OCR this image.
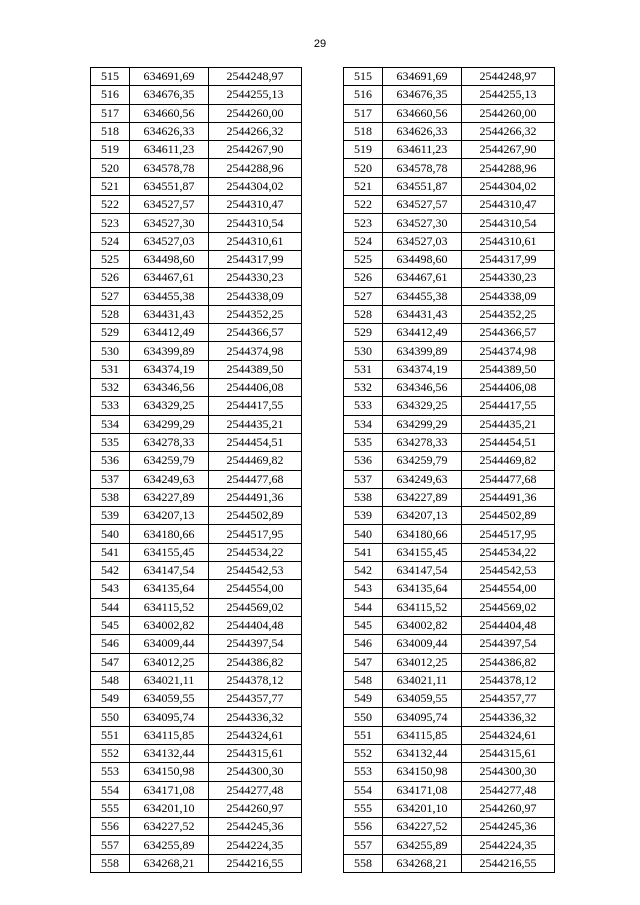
29
515	634691,69	2544248,97
516	634676,35	2544255,13
517	634660,56	2544260,00
518	634626,33	2544266,32
519	634611,23	2544267,90
520	634578,78	2544288,96
521	634551,87	2544304,02
522	634527,57	2544310,47
523	634527,30	2544310,54
524	634527,03	2544310,61
525	634498,60	2544317,99
526	634467,61	2544330,23
527	634455,38	2544338,09
528	634431,43	2544352,25
529	634412,49	2544366,57
530	634399,89	2544374,98
531	634374,19	2544389,50
532	634346,56	2544406,08
533	634329,25	2544417,55
534	634299,29	2544435,21
535	634278,33	2544454,51
536	634259,79	2544469,82
537	634249,63	2544477,68
538	634227,89	2544491,36
539	634207,13	2544502,89
540	634180,66	2544517,95
541	634155,45	2544534,22
542	634147,54	2544542,53
543	634135,64	2544554,00
544	634115,52	2544569,02
545	634002,82	2544404,48
546	634009,44	2544397,54
547	634012,25	2544386,82
548	634021,11	2544378,12
549	634059,55	2544357,77
550	634095,74	2544336,32
551	634115,85	2544324,61
552	634132,44	2544315,61
553	634150,98	2544300,30
554	634171,08	2544277,48
555	634201,10	2544260,97
556	634227,52	2544245,36
557	634255,89	2544224,35
558	634268,21	2544216,55
515	634691,69	2544248,97
516	634676,35	2544255,13
517	634660,56	2544260,00
518	634626,33	2544266,32
519	634611,23	2544267,90
520	634578,78	2544288,96
521	634551,87	2544304,02
522	634527,57	2544310,47
523	634527,30	2544310,54
524	634527,03	2544310,61
525	634498,60	2544317,99
526	634467,61	2544330,23
527	634455,38	2544338,09
528	634431,43	2544352,25
529	634412,49	2544366,57
530	634399,89	2544374,98
531	634374,19	2544389,50
532	634346,56	2544406,08
533	634329,25	2544417,55
534	634299,29	2544435,21
535	634278,33	2544454,51
536	634259,79	2544469,82
537	634249,63	2544477,68
538	634227,89	2544491,36
539	634207,13	2544502,89
540	634180,66	2544517,95
541	634155,45	2544534,22
542	634147,54	2544542,53
543	634135,64	2544554,00
544	634115,52	2544569,02
545	634002,82	2544404,48
546	634009,44	2544397,54
547	634012,25	2544386,82
548	634021,11	2544378,12
549	634059,55	2544357,77
550	634095,74	2544336,32
551	634115,85	2544324,61
552	634132,44	2544315,61
553	634150,98	2544300,30
554	634171,08	2544277,48
555	634201,10	2544260,97
556	634227,52	2544245,36
557	634255,89	2544224,35
558	634268,21	2544216,55
